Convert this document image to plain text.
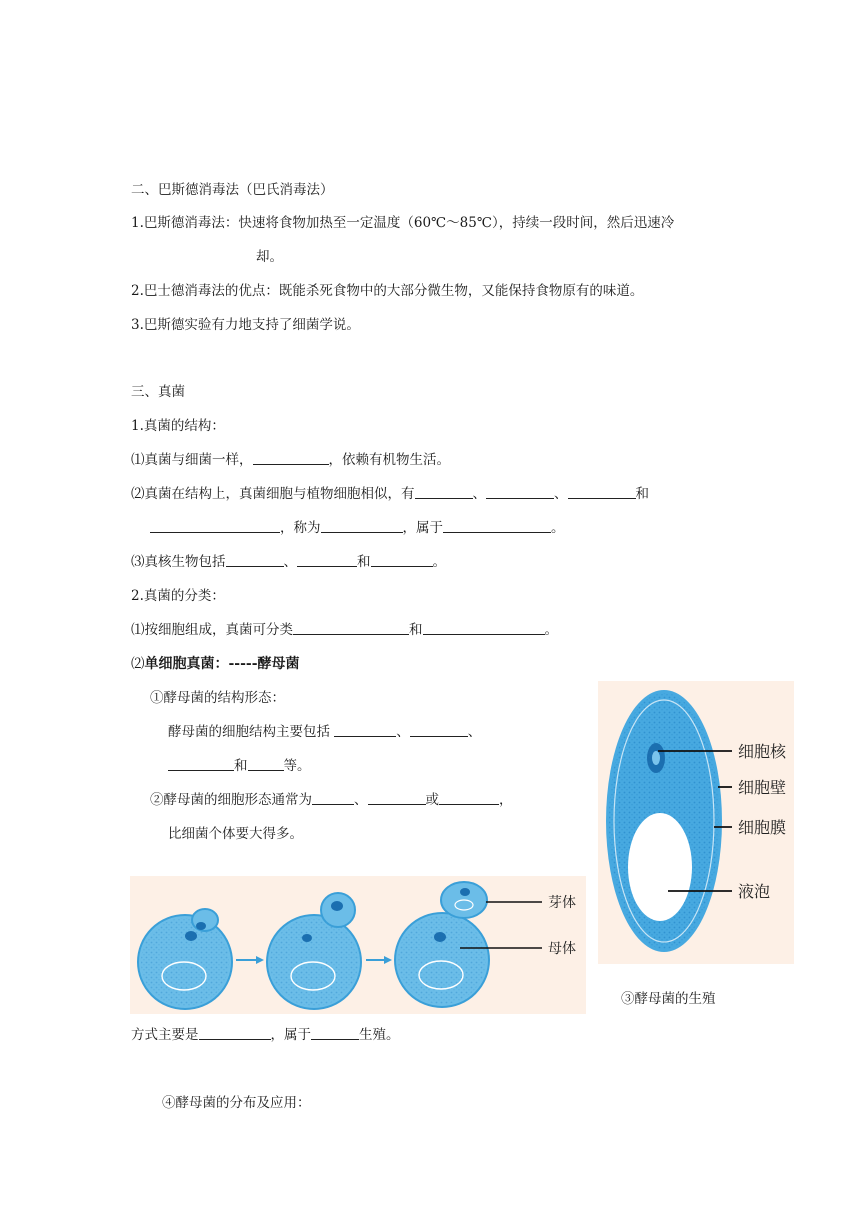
二、巴斯德消毒法（巴氏消毒法）
1.巴斯德消毒法：快速将食物加热至一定温度（60℃～85℃），持续一段时间，然后迅速冷
却。
2.巴士德消毒法的优点：既能杀死食物中的大部分微生物，又能保持食物原有的味道。
3.巴斯德实验有力地支持了细菌学说。
三、真菌
1.真菌的结构：
⑴真菌与细菌一样，	，依赖有机物生活。
⑵真菌在结构上，真菌细胞与植物细胞相似，有	、	、	和
，称为	，属于	。
⑶真核生物包括	、	和	。
2.真菌的分类：
⑴按细胞组成，真菌可分类	和	。
⑵单细胞真菌：-----酵母菌
①酵母菌的结构形态：
酵母菌的细胞结构主要包括	、	、
和	等。
②酵母菌的细胞形态通常为	、	或	，
比细菌个体要大得多。
细胞核
细胞壁
细胞膜
液泡
③酵母菌的生殖
芽体
母体
方式主要是	，属于	生殖。
④酵母菌的分布及应用：
